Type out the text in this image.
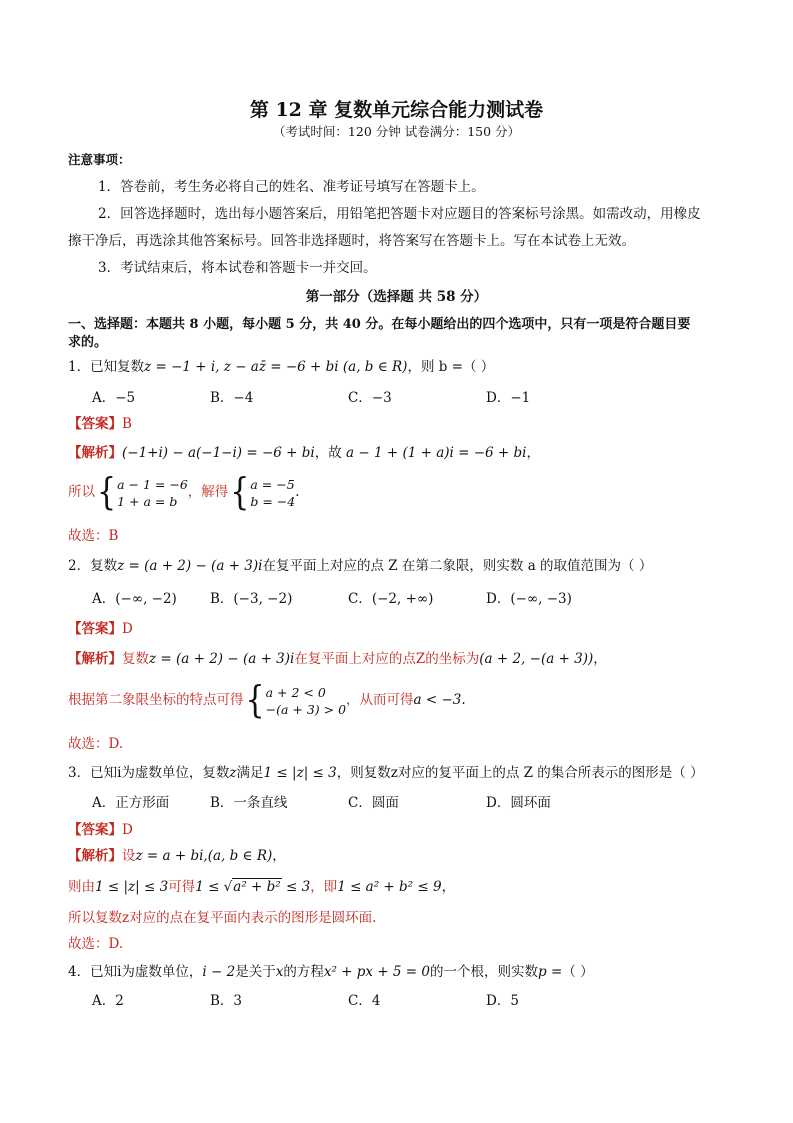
第 12 章 复数单元综合能力测试卷
（考试时间：120 分钟 试卷满分：150 分）
注意事项：
1．答卷前，考生务必将自己的姓名、准考证号填写在答题卡上。
2．回答选择题时，选出每小题答案后，用铅笔把答题卡对应题目的答案标号涂黑。如需改动，用橡皮
擦干净后，再选涂其他答案标号。回答非选择题时，将答案写在答题卡上。写在本试卷上无效。
3．考试结束后，将本试卷和答题卡一并交回。
第一部分（选择题 共 58 分）
一、选择题：本题共 8 小题，每小题 5 分，共 40 分。在每小题给出的四个选项中，只有一项是符合题目要
求的。
1．已知复数z = −1 + i, z − az̄ = −6 + bi (a, b ∈ R)，则 b =（ ）
A．−5	B．−4	C．−3	D．−1
【答案】B
【解析】(−1+i) − a(−1−i) = −6 + bi，故 a − 1 + (1 + a)i = −6 + bi，
所以{a − 1 = −6
1 + a = b，解得{a = −5
b = −4.
故选：B
2．复数z = (a + 2) − (a + 3)i在复平面上对应的点 Z 在第二象限，则实数 a 的取值范围为（ ）
A．(−∞, −2) B．(−3, −2)	C．(−2, +∞)	D．(−∞, −3)
【答案】D
【解析】复数z = (a + 2) − (a + 3)i在复平面上对应的点Z的坐标为(a + 2, −(a + 3))，
根据第二象限坐标的特点可得{a + 2 < 0
−(a + 3) > 0，从而可得a < −3.
故选：D.
3．已知i为虚数单位，复数z满足1 ≤ |z| ≤ 3，则复数z对应的复平面上的点 Z 的集合所表示的图形是（ ）
A．正方形面	B．一条直线	C．圆面	D．圆环面
【答案】D
【解析】设z = a + bi,(a, b ∈ R)，
则由1 ≤ |z| ≤ 3可得1 ≤ √a² + b² ≤ 3，即1 ≤ a² + b² ≤ 9，
所以复数z对应的点在复平面内表示的图形是圆环面.
故选：D.
4．已知i为虚数单位，i − 2是关于x的方程x² + px + 5 = 0的一个根，则实数p =（ ）
A．2	B．3	C．4	D．5
